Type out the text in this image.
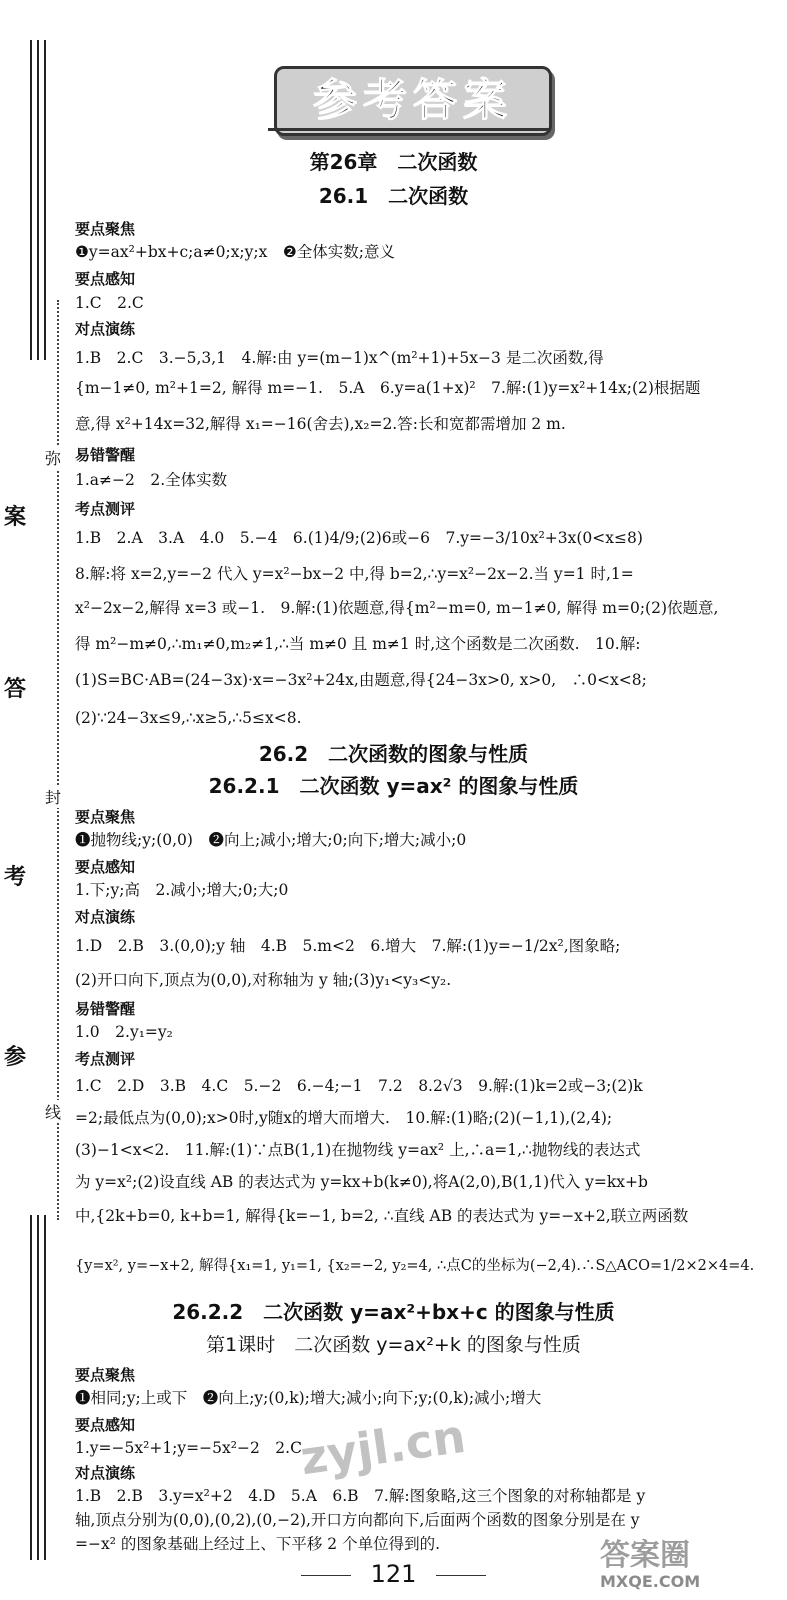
弥
封
线
案
答
考
参
参考答案
第26章　二次函数
26.1　二次函数
要点聚焦
❶y=ax²+bx+c;a≠0;x;y;x　❷全体实数;意义
要点感知
1.C　2.C
对点演练
1.B　2.C　3.−5,3,1　4.解:由 y=(m−1)x^(m²+1)+5x−3 是二次函数,得
{m−1≠0, m²+1=2, 解得 m=−1.　5.A　6.y=a(1+x)²　7.解:(1)y=x²+14x;(2)根据题
意,得 x²+14x=32,解得 x₁=−16(舍去),x₂=2.答:长和宽都需增加 2 m.
易错警醒
1.a≠−2　2.全体实数
考点测评
1.B　2.A　3.A　4.0　5.−4　6.(1)4/9;(2)6或−6　7.y=−3/10x²+3x(0<x≤8)
8.解:将 x=2,y=−2 代入 y=x²−bx−2 中,得 b=2,∴y=x²−2x−2.当 y=1 时,1=
x²−2x−2,解得 x=3 或−1.　9.解:(1)依题意,得{m²−m=0, m−1≠0, 解得 m=0;(2)依题意,
得 m²−m≠0,∴m₁≠0,m₂≠1,∴当 m≠0 且 m≠1 时,这个函数是二次函数.　10.解:
(1)S=BC·AB=(24−3x)·x=−3x²+24x,由题意,得{24−3x>0, x>0,　∴0<x<8;
(2)∵24−3x≤9,∴x≥5,∴5≤x<8.
26.2　二次函数的图象与性质
26.2.1　二次函数 y=ax² 的图象与性质
要点聚焦
❶抛物线;y;(0,0)　❷向上;减小;增大;0;向下;增大;减小;0
要点感知
1.下;y;高　2.减小;增大;0;大;0
对点演练
1.D　2.B　3.(0,0);y 轴　4.B　5.m<2　6.增大　7.解:(1)y=−1/2x²,图象略;
(2)开口向下,顶点为(0,0),对称轴为 y 轴;(3)y₁<y₃<y₂.
易错警醒
1.0　2.y₁=y₂
考点测评
1.C　2.D　3.B　4.C　5.−2　6.−4;−1　7.2　8.2√3　9.解:(1)k=2或−3;(2)k
=2;最低点为(0,0);x>0时,y随x的增大而增大.　10.解:(1)略;(2)(−1,1),(2,4);
(3)−1<x<2.　11.解:(1)∵点B(1,1)在抛物线 y=ax² 上,∴a=1,∴抛物线的表达式
为 y=x²;(2)设直线 AB 的表达式为 y=kx+b(k≠0),将A(2,0),B(1,1)代入 y=kx+b
中,{2k+b=0, k+b=1, 解得{k=−1, b=2, ∴直线 AB 的表达式为 y=−x+2,联立两函数
{y=x², y=−x+2, 解得{x₁=1, y₁=1, {x₂=−2, y₂=4, ∴点C的坐标为(−2,4).∴S△ACO=1/2×2×4=4.
26.2.2　二次函数 y=ax²+bx+c 的图象与性质
第1课时　二次函数 y=ax²+k 的图象与性质
要点聚焦
❶相同;y;上或下　❷向上;y;(0,k);增大;减小;向下;y;(0,k);减小;增大
要点感知
1.y=−5x²+1;y=−5x²−2　2.C
对点演练
1.B　2.B　3.y=x²+2　4.D　5.A　6.B　7.解:图象略,这三个图象的对称轴都是 y
轴,顶点分别为(0,0),(0,2),(0,−2),开口方向都向下,后面两个函数的图象分别是在 y
=−x² 的图象基础上经过上、下平移 2 个单位得到的.
121
zyjl.cn
答案圈
MXQE.COM
